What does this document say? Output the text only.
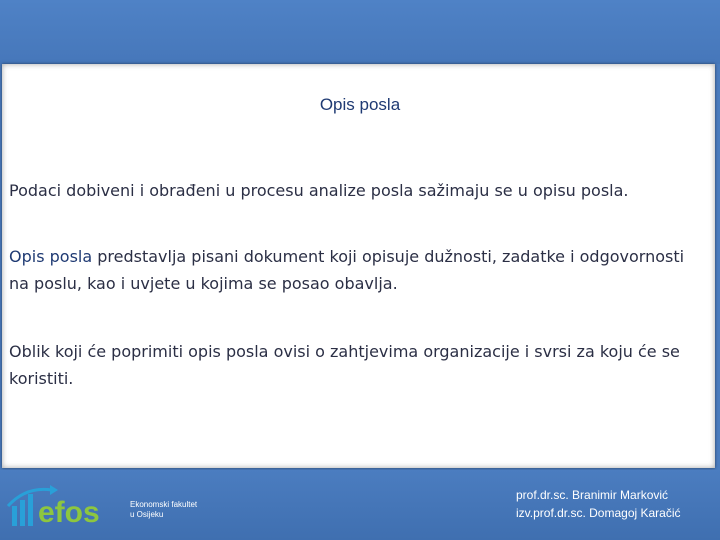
Opis posla

Podaci dobiveni i obrađeni u procesu analize posla sažimaju se u opisu posla.

Opis posla predstavlja pisani dokument koji opisuje dužnosti, zadatke i odgovornosti na poslu, kao i uvjete u kojima se posao obavlja.

Oblik koji će poprimiti opis posla ovisi o zahtjevima organizacije i svrsi za koju će se koristiti.

efos	Ekonomski fakultet
u Osijeku
prof.dr.sc. Branimir Marković
izv.prof.dr.sc. Domagoj Karačić
